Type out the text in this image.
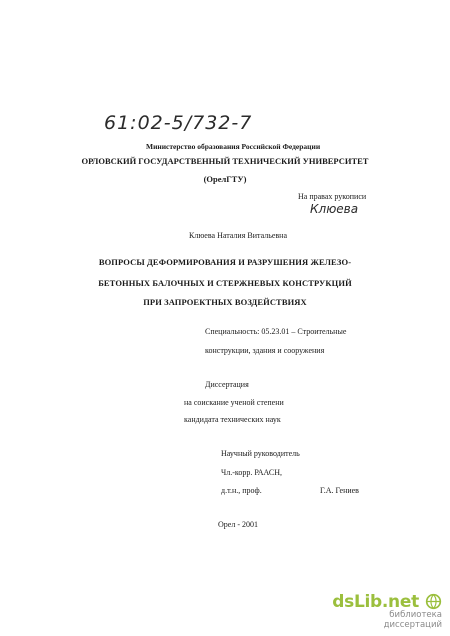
61:02-5/732-7
Министерство образования Российской Федерации
ОРЛОВСКИЙ ГОСУДАРСТВЕННЫЙ ТЕХНИЧЕСКИЙ УНИВЕРСИТЕТ
(ОрелГТУ)
На правах рукописи
Клюева
Клюева Наталия Витальевна
ВОПРОСЫ ДЕФОРМИРОВАНИЯ И РАЗРУШЕНИЯ ЖЕЛЕЗО-
БЕТОННЫХ БАЛОЧНЫХ И СТЕРЖНЕВЫХ КОНСТРУКЦИЙ
ПРИ ЗАПРОЕКТНЫХ ВОЗДЕЙСТВИЯХ
Специальность: 05.23.01 – Строительные
конструкции, здания и сооружения
Диссертация
на соискание ученой степени
кандидата технических наук
Научный руководитель
Чл.-корр. РААСН,
д.т.н., проф.	Г.А. Гениев
Орел - 2001
dsLib.net
библиотека диссертаций
